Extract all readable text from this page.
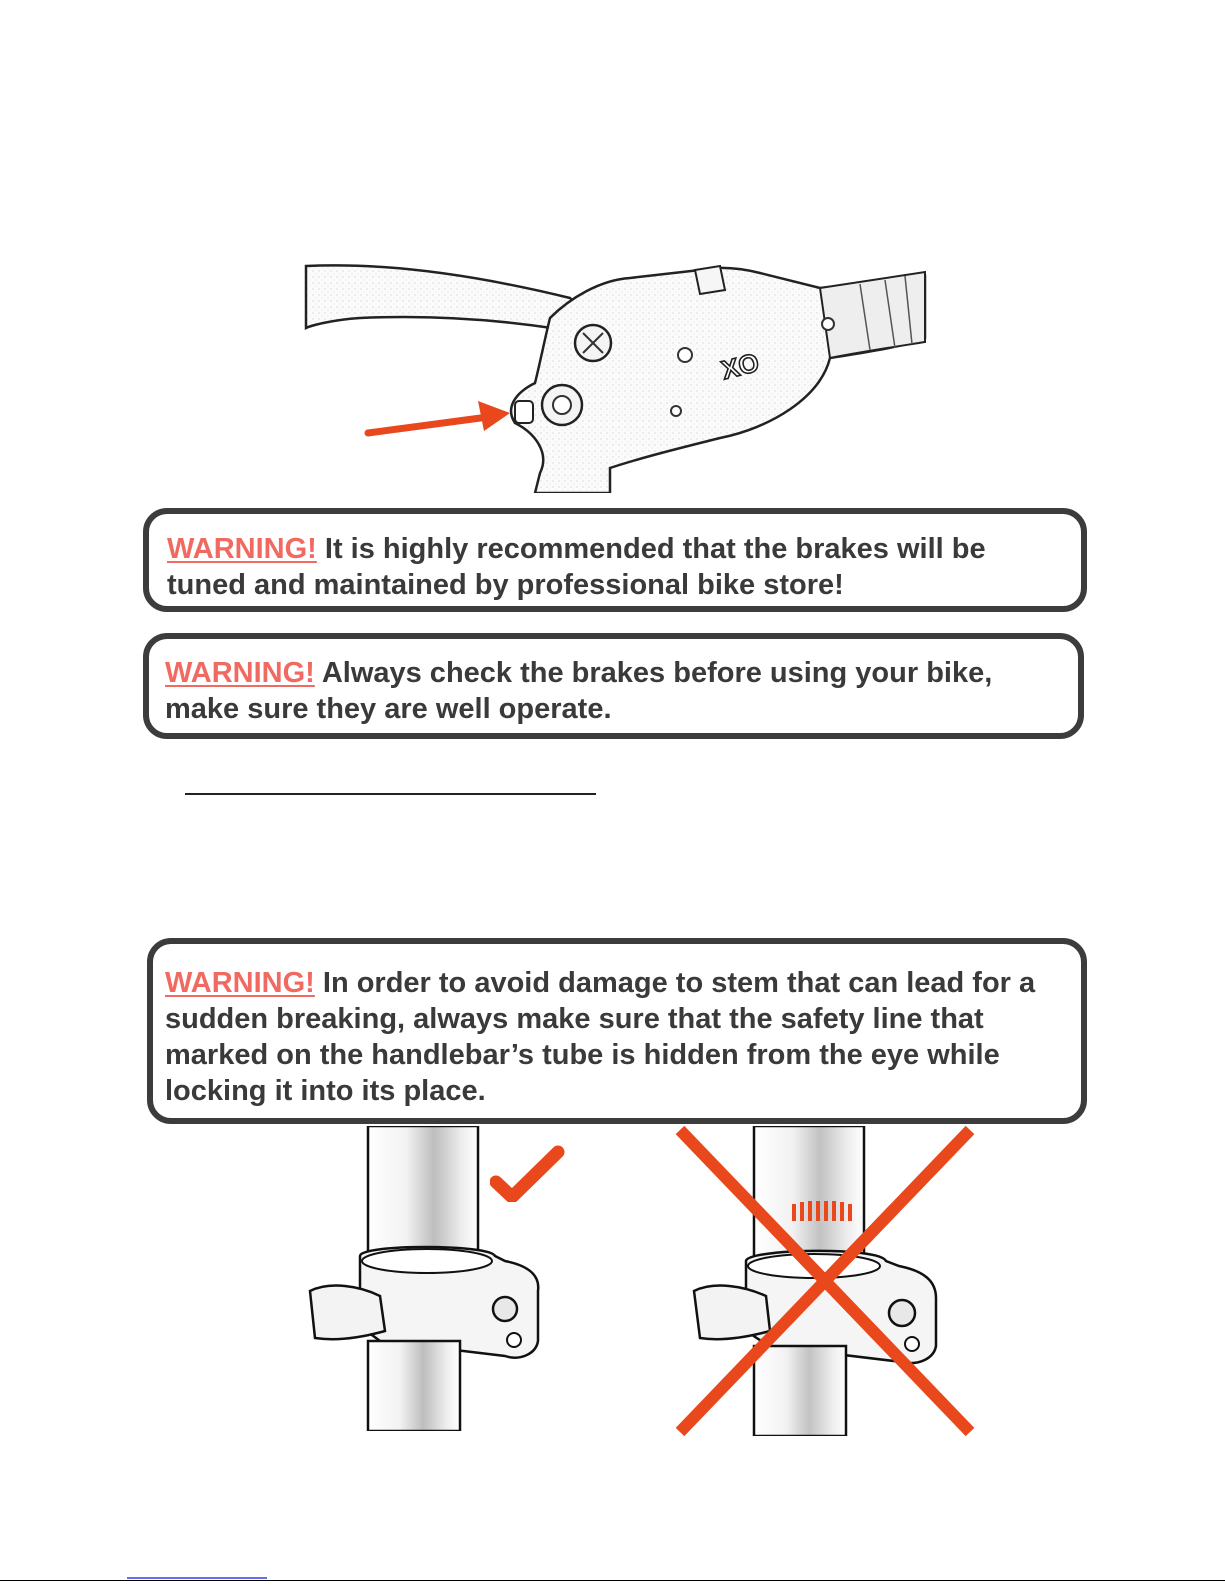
XO

WARNING! It is highly recommended that the brakes will be tuned and maintained by professional bike store!

WARNING! Always check the brakes before using your bike, make sure they are well operate.

WARNING! In order to avoid damage to stem that can lead for a sudden breaking, always make sure that the safety line that marked on the handlebar’s tube is hidden from the eye while locking it into its place.
